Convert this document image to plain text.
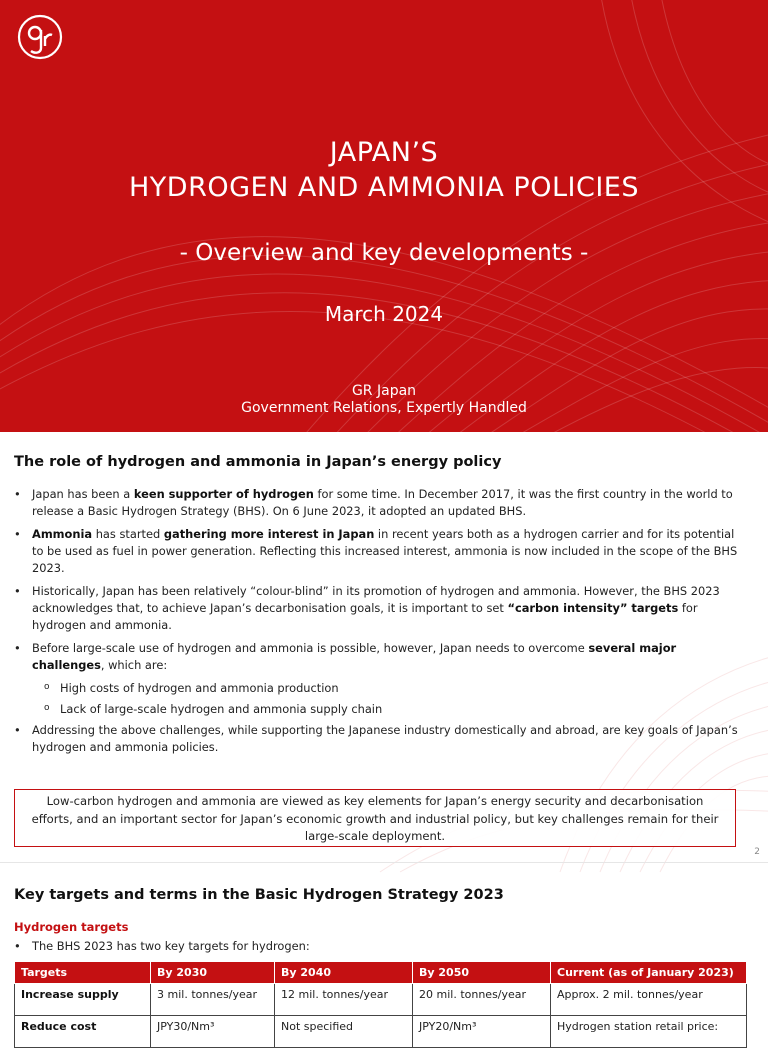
JAPAN’S
HYDROGEN AND AMMONIA POLICIES
- Overview and key developments -
March 2024
GR Japan
Government Relations, Expertly Handled
The role of hydrogen and ammonia in Japan’s energy policy
• Japan has been a keen supporter of hydrogen for some time. In December 2017, it was the first country in the world to release a Basic Hydrogen Strategy (BHS). On 6 June 2023, it adopted an updated BHS.
• Ammonia has started gathering more interest in Japan in recent years both as a hydrogen carrier and for its potential to be used as fuel in power generation. Reflecting this increased interest, ammonia is now included in the scope of the BHS 2023.
• Historically, Japan has been relatively “colour-blind” in its promotion of hydrogen and ammonia. However, the BHS 2023 acknowledges that, to achieve Japan’s decarbonisation goals, it is important to set “carbon intensity” targets for hydrogen and ammonia.
• Before large-scale use of hydrogen and ammonia is possible, however, Japan needs to overcome several major challenges, which are:
o High costs of hydrogen and ammonia production
o Lack of large-scale hydrogen and ammonia supply chain
• Addressing the above challenges, while supporting the Japanese industry domestically and abroad, are key goals of Japan’s hydrogen and ammonia policies.
Low-carbon hydrogen and ammonia are viewed as key elements for Japan’s energy security and decarbonisation efforts, and an important sector for Japan’s economic growth and industrial policy, but key challenges remain for their large-scale deployment.
2
Key targets and terms in the Basic Hydrogen Strategy 2023
Hydrogen targets
• The BHS 2023 has two key targets for hydrogen:
Targets	By 2030	By 2040	By 2050	Current (as of January 2023)
Increase supply	3 mil. tonnes/year	12 mil. tonnes/year	20 mil. tonnes/year	Approx. 2 mil. tonnes/year
Reduce cost	JPY30/Nm³	Not specified	JPY20/Nm³	Hydrogen station retail price:
